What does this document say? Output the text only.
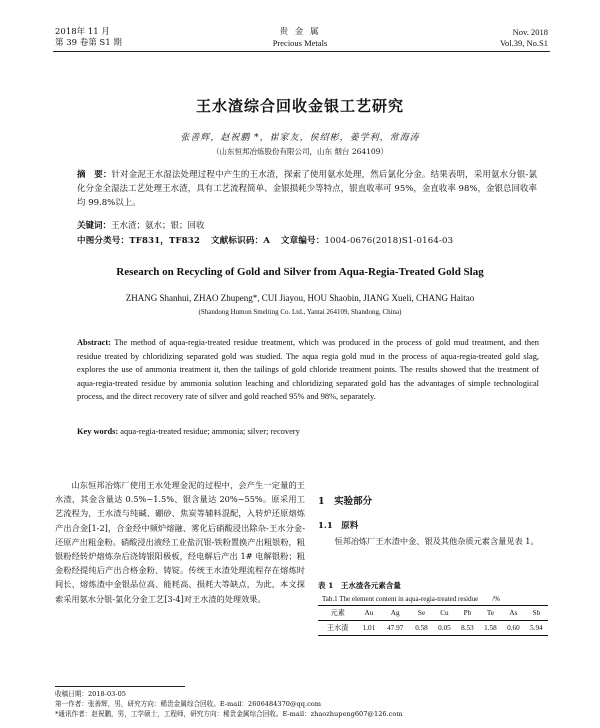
2018年 11 月
第 39 卷第 S1 期
贵 金 属
Precious Metals
Nov. 2018
Vol.39, No.S1
王水渣综合回收金银工艺研究
张善辉，赵祝鹏 *，崔家友，侯绍彬，姜学利，常海涛
（山东恒邦冶炼股份有限公司，山东 烟台 264109）
摘　要：针对金泥王水湿法处理过程中产生的王水渣，探索了使用氨水处理，然后氯化分金。结果表明，采用氨水分银-氯化分金全湿法工艺处理王水渣，具有工艺流程简单、金银损耗少等特点，银直收率可 95%，金直收率 98%，金银总回收率均 99.8%以上。
关键词：王水渣；氨水；银；回收
中图分类号：TF831，TF832 文献标识码：A 文章编号：1004-0676(2018)S1-0164-03
Research on Recycling of Gold and Silver from Aqua-Regia-Treated Gold Slag
ZHANG Shanhui, ZHAO Zhupeng*, CUI Jiayou, HOU Shaobin, JIANG Xueli, CHANG Haitao
(Shandong Humon Smelting Co. Ltd., Yantai 264109, Shandong, China)
Abstract: The method of aqua-regia-treated residue treatment, which was produced in the process of gold mud treatment, and then residue treated by chloridizing separated gold was studied. The aqua regia gold mud in the process of aqua-regia-treated gold slag, explores the use of ammonia treatment it, then the tailings of gold chloride treatment points. The results showed that the treatment of aqua-regia-treated residue by ammonia solution leaching and chloridizing separated gold has the advantages of simple technological process, and the direct recovery rate of silver and gold reached 95% and 98%, separately.
Key words: aqua-regia-treated residue; ammonia; silver; recovery
山东恒邦冶炼厂使用王水处理金泥的过程中，会产生一定量的王水渣，其金含量达 0.5%~1.5%、银含量达 20%~55%。原采用工艺流程为，王水渣与纯碱、硼砂、焦炭等辅料混配，入转炉还原熔炼产出合金[1-2]，合金经中频炉熔融、雾化后硝酸浸出除杂-王水分金-还原产出粗金粉。硝酸浸出液经工业盐沉银-铁粉置换产出粗银粉，粗银粉经转炉熔炼杂后浇铸银阳极板，经电解后产出 1# 电解银粉；粗金粉经提纯后产出合格金粉、铸锭。传统王水渣处理流程存在熔炼时间长、熔炼渣中金银品位高、能耗高、损耗大等缺点，为此，本文探索采用氨水分银-氯化分金工艺[3-4]对王水渣的处理效果。
1　实验部分
1.1　原料
恒邦冶炼厂王水渣中金、银及其他杂质元素含量见表 1。
表 1　王水渣各元素含量
Tab.1 The element content in aqua-regia-treated residue　　/%
元素	Au	Ag	Se	Cu	Pb	Te	As	Sb
王水渣	1.01	47.97	0.58	0.05	8.53	1.58	0.60	5.94
收稿日期：2018-03-05
第一作者：张善辉，男，研究方向：稀贵金属综合回收。E-mail：2606484370@qq.com
*通讯作者：赵祝鹏，男，工学硕士，工程师，研究方向：稀贵金属综合回收。E-mail：zhaozhupeng607@126.com
